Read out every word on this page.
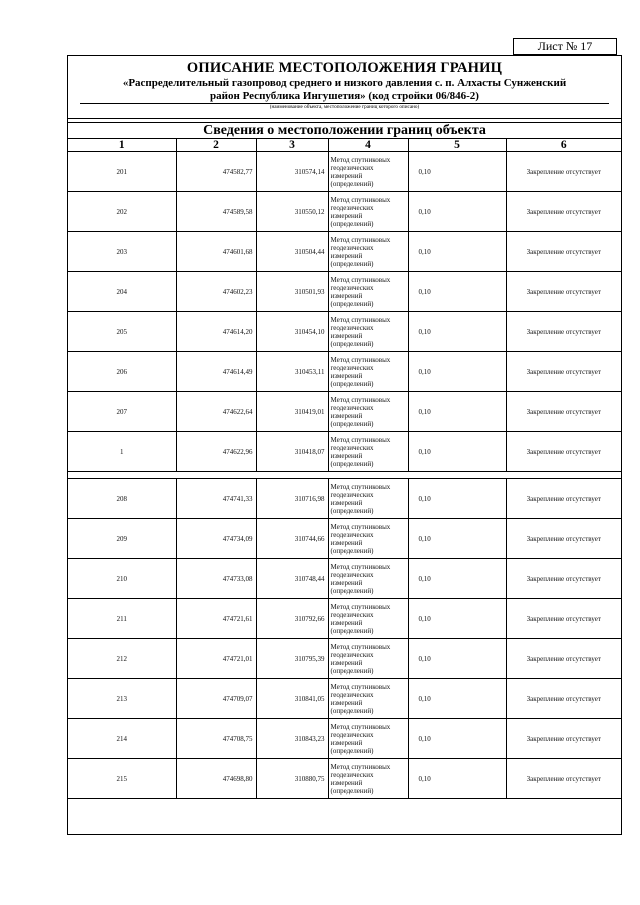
Лист № 17
ОПИСАНИЕ МЕСТОПОЛОЖЕНИЯ ГРАНИЦ
«Распределительный газопровод среднего и низкого давления с. п. Алхасты Сунженский
район Республика Ингушетия» (код стройки 06/846-2)
(наименование объекта, местоположение границ которого описано)
Сведения о местоположении границ объекта
1	2	3	4	5	6
201	474582,77	310574,14	Метод спутниковых
геодезических
измерений
(определений)	0,10	Закрепление отсутствует
202	474589,58	310550,12	Метод спутниковых
геодезических
измерений
(определений)	0,10	Закрепление отсутствует
203	474601,68	310504,44	Метод спутниковых
геодезических
измерений
(определений)	0,10	Закрепление отсутствует
204	474602,23	310501,93	Метод спутниковых
геодезических
измерений
(определений)	0,10	Закрепление отсутствует
205	474614,20	310454,10	Метод спутниковых
геодезических
измерений
(определений)	0,10	Закрепление отсутствует
206	474614,49	310453,11	Метод спутниковых
геодезических
измерений
(определений)	0,10	Закрепление отсутствует
207	474622,64	310419,01	Метод спутниковых
геодезических
измерений
(определений)	0,10	Закрепление отсутствует
1	474622,96	310418,07	Метод спутниковых
геодезических
измерений
(определений)	0,10	Закрепление отсутствует

208	474741,33	310716,98	Метод спутниковых
геодезических
измерений
(определений)	0,10	Закрепление отсутствует
209	474734,09	310744,66	Метод спутниковых
геодезических
измерений
(определений)	0,10	Закрепление отсутствует
210	474733,08	310748,44	Метод спутниковых
геодезических
измерений
(определений)	0,10	Закрепление отсутствует
211	474721,61	310792,66	Метод спутниковых
геодезических
измерений
(определений)	0,10	Закрепление отсутствует
212	474721,01	310795,39	Метод спутниковых
геодезических
измерений
(определений)	0,10	Закрепление отсутствует
213	474709,07	310841,05	Метод спутниковых
геодезических
измерений
(определений)	0,10	Закрепление отсутствует
214	474708,75	310843,23	Метод спутниковых
геодезических
измерений
(определений)	0,10	Закрепление отсутствует
215	474698,80	310880,75	Метод спутниковых
геодезических
измерений
(определений)	0,10	Закрепление отсутствует
